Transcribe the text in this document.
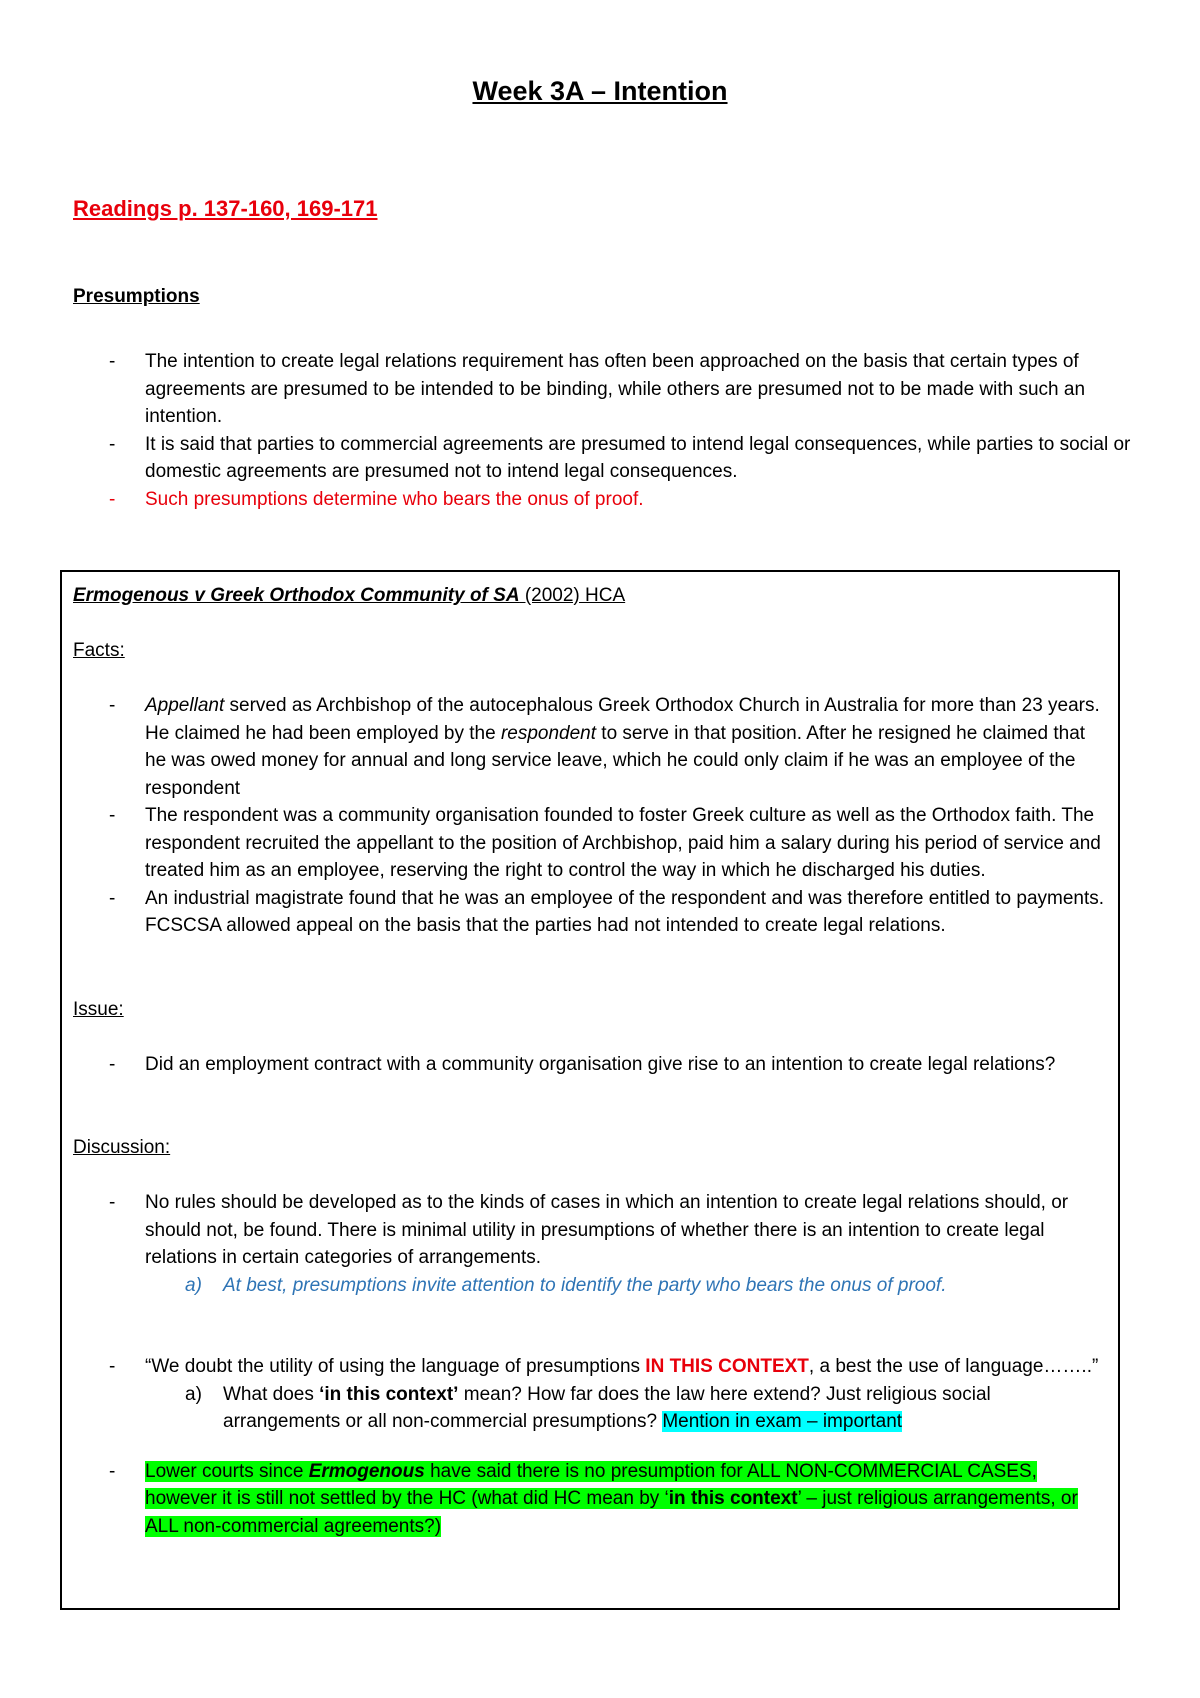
Week 3A – Intention
Readings p. 137-160, 169-171
Presumptions
- The intention to create legal relations requirement has often been approached on the basis that certain types of agreements are presumed to be intended to be binding, while others are presumed not to be made with such an intention.
- It is said that parties to commercial agreements are presumed to intend legal consequences, while parties to social or domestic agreements are presumed not to intend legal consequences.
- Such presumptions determine who bears the onus of proof.
Ermogenous v Greek Orthodox Community of SA (2002) HCA
Facts:
- Appellant served as Archbishop of the autocephalous Greek Orthodox Church in Australia for more than 23 years. He claimed he had been employed by the respondent to serve in that position. After he resigned he claimed that he was owed money for annual and long service leave, which he could only claim if he was an employee of the respondent
- The respondent was a community organisation founded to foster Greek culture as well as the Orthodox faith. The respondent recruited the appellant to the position of Archbishop, paid him a salary during his period of service and treated him as an employee, reserving the right to control the way in which he discharged his duties.
- An industrial magistrate found that he was an employee of the respondent and was therefore entitled to payments. FCSCSA allowed appeal on the basis that the parties had not intended to create legal relations.
Issue:
- Did an employment contract with a community organisation give rise to an intention to create legal relations?
Discussion:
- No rules should be developed as to the kinds of cases in which an intention to create legal relations should, or should not, be found. There is minimal utility in presumptions of whether there is an intention to create legal relations in certain categories of arrangements.
a) At best, presumptions invite attention to identify the party who bears the onus of proof.
- “We doubt the utility of using the language of presumptions IN THIS CONTEXT, a best the use of language……..”
a) What does ‘in this context’ mean? How far does the law here extend? Just religious social arrangements or all non-commercial presumptions? Mention in exam – important
- Lower courts since Ermogenous have said there is no presumption for ALL NON-COMMERCIAL CASES, however it is still not settled by the HC (what did HC mean by ‘in this context’ – just religious arrangements, or ALL non-commercial agreements?)
